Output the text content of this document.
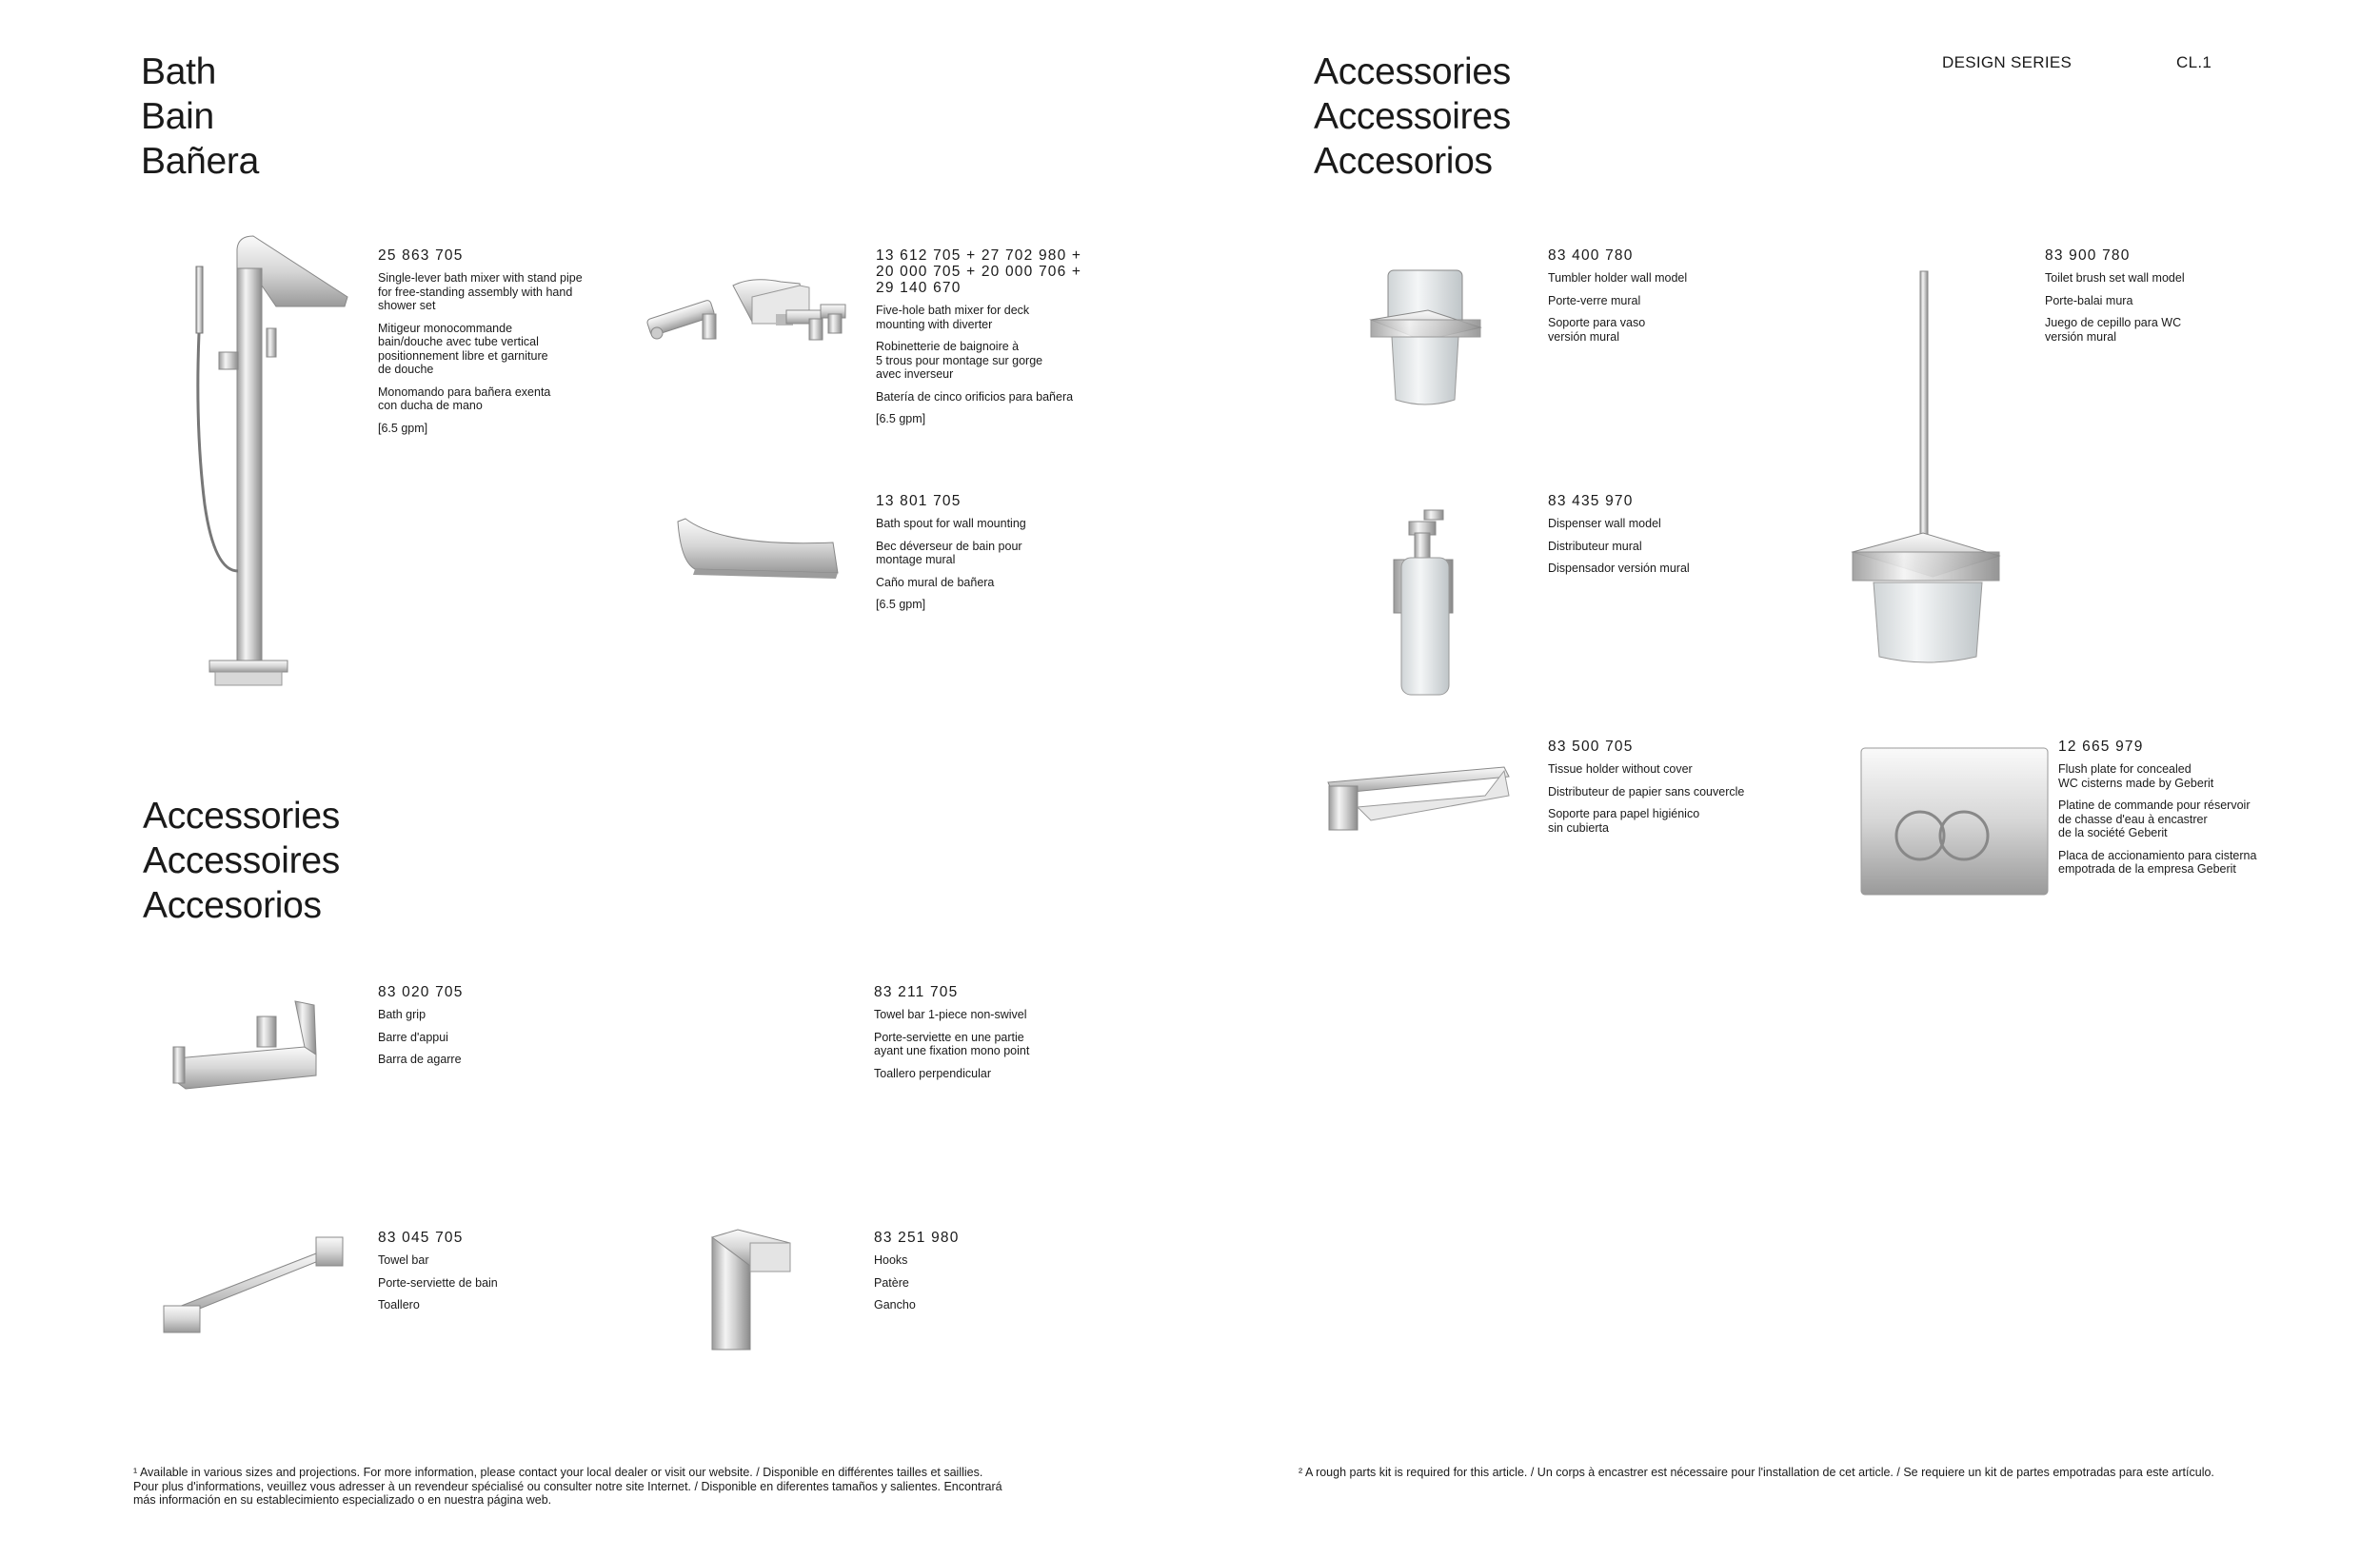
DESIGN SERIES	CL.1
Bath
Bain
Bañera
Accessories
Accessoires
Accesorios
Accessories
Accessoires
Accesorios
25 863 705
Single-lever bath mixer with stand pipe
for free-standing assembly with hand
shower set
Mitigeur monocommande
bain/douche avec tube vertical
positionnement libre et garniture
de douche
Monomando para bañera exenta
con ducha de mano
[6.5 gpm]
13 612 705 + 27 702 980 +
20 000 705 + 20 000 706 +
29 140 670
Five-hole bath mixer for deck
mounting with diverter
Robinetterie de baignoire à
5 trous pour montage sur gorge
avec inverseur
Batería de cinco orificios para bañera
[6.5 gpm]
13 801 705
Bath spout for wall mounting
Bec déverseur de bain pour
montage mural
Caño mural de bañera
[6.5 gpm]
83 020 705
Bath grip
Barre d'appui
Barra de agarre
83 211 705
Towel bar 1-piece non-swivel
Porte-serviette en une partie
ayant une fixation mono point
Toallero perpendicular
83 045 705
Towel bar
Porte-serviette de bain
Toallero
83 251 980
Hooks
Patère
Gancho
83 400 780
Tumbler holder wall model
Porte-verre mural
Soporte para vaso
versión mural
83 900 780
Toilet brush set wall model
Porte-balai mura
Juego de cepillo para WC
versión mural
83 435 970
Dispenser wall model
Distributeur mural
Dispensador versión mural
83 500 705
Tissue holder without cover
Distributeur de papier sans couvercle
Soporte para papel higiénico
sin cubierta
12 665 979
Flush plate for concealed
WC cisterns made by Geberit
Platine de commande pour réservoir
de chasse d'eau à encastrer
de la société Geberit
Placa de accionamiento para cisterna
empotrada de la empresa Geberit
¹ Available in various sizes and projections. For more information, please contact your local dealer or visit our website. / Disponible en différentes tailles et saillies.
Pour plus d'informations, veuillez vous adresser à un revendeur spécialisé ou consulter notre site Internet. / Disponible en diferentes tamaños y salientes. Encontrará
más información en su establecimiento especializado o en nuestra página web.
² A rough parts kit is required for this article. / Un corps à encastrer est nécessaire pour l'installation de cet article. / Se requiere un kit de partes empotradas para este artículo.
